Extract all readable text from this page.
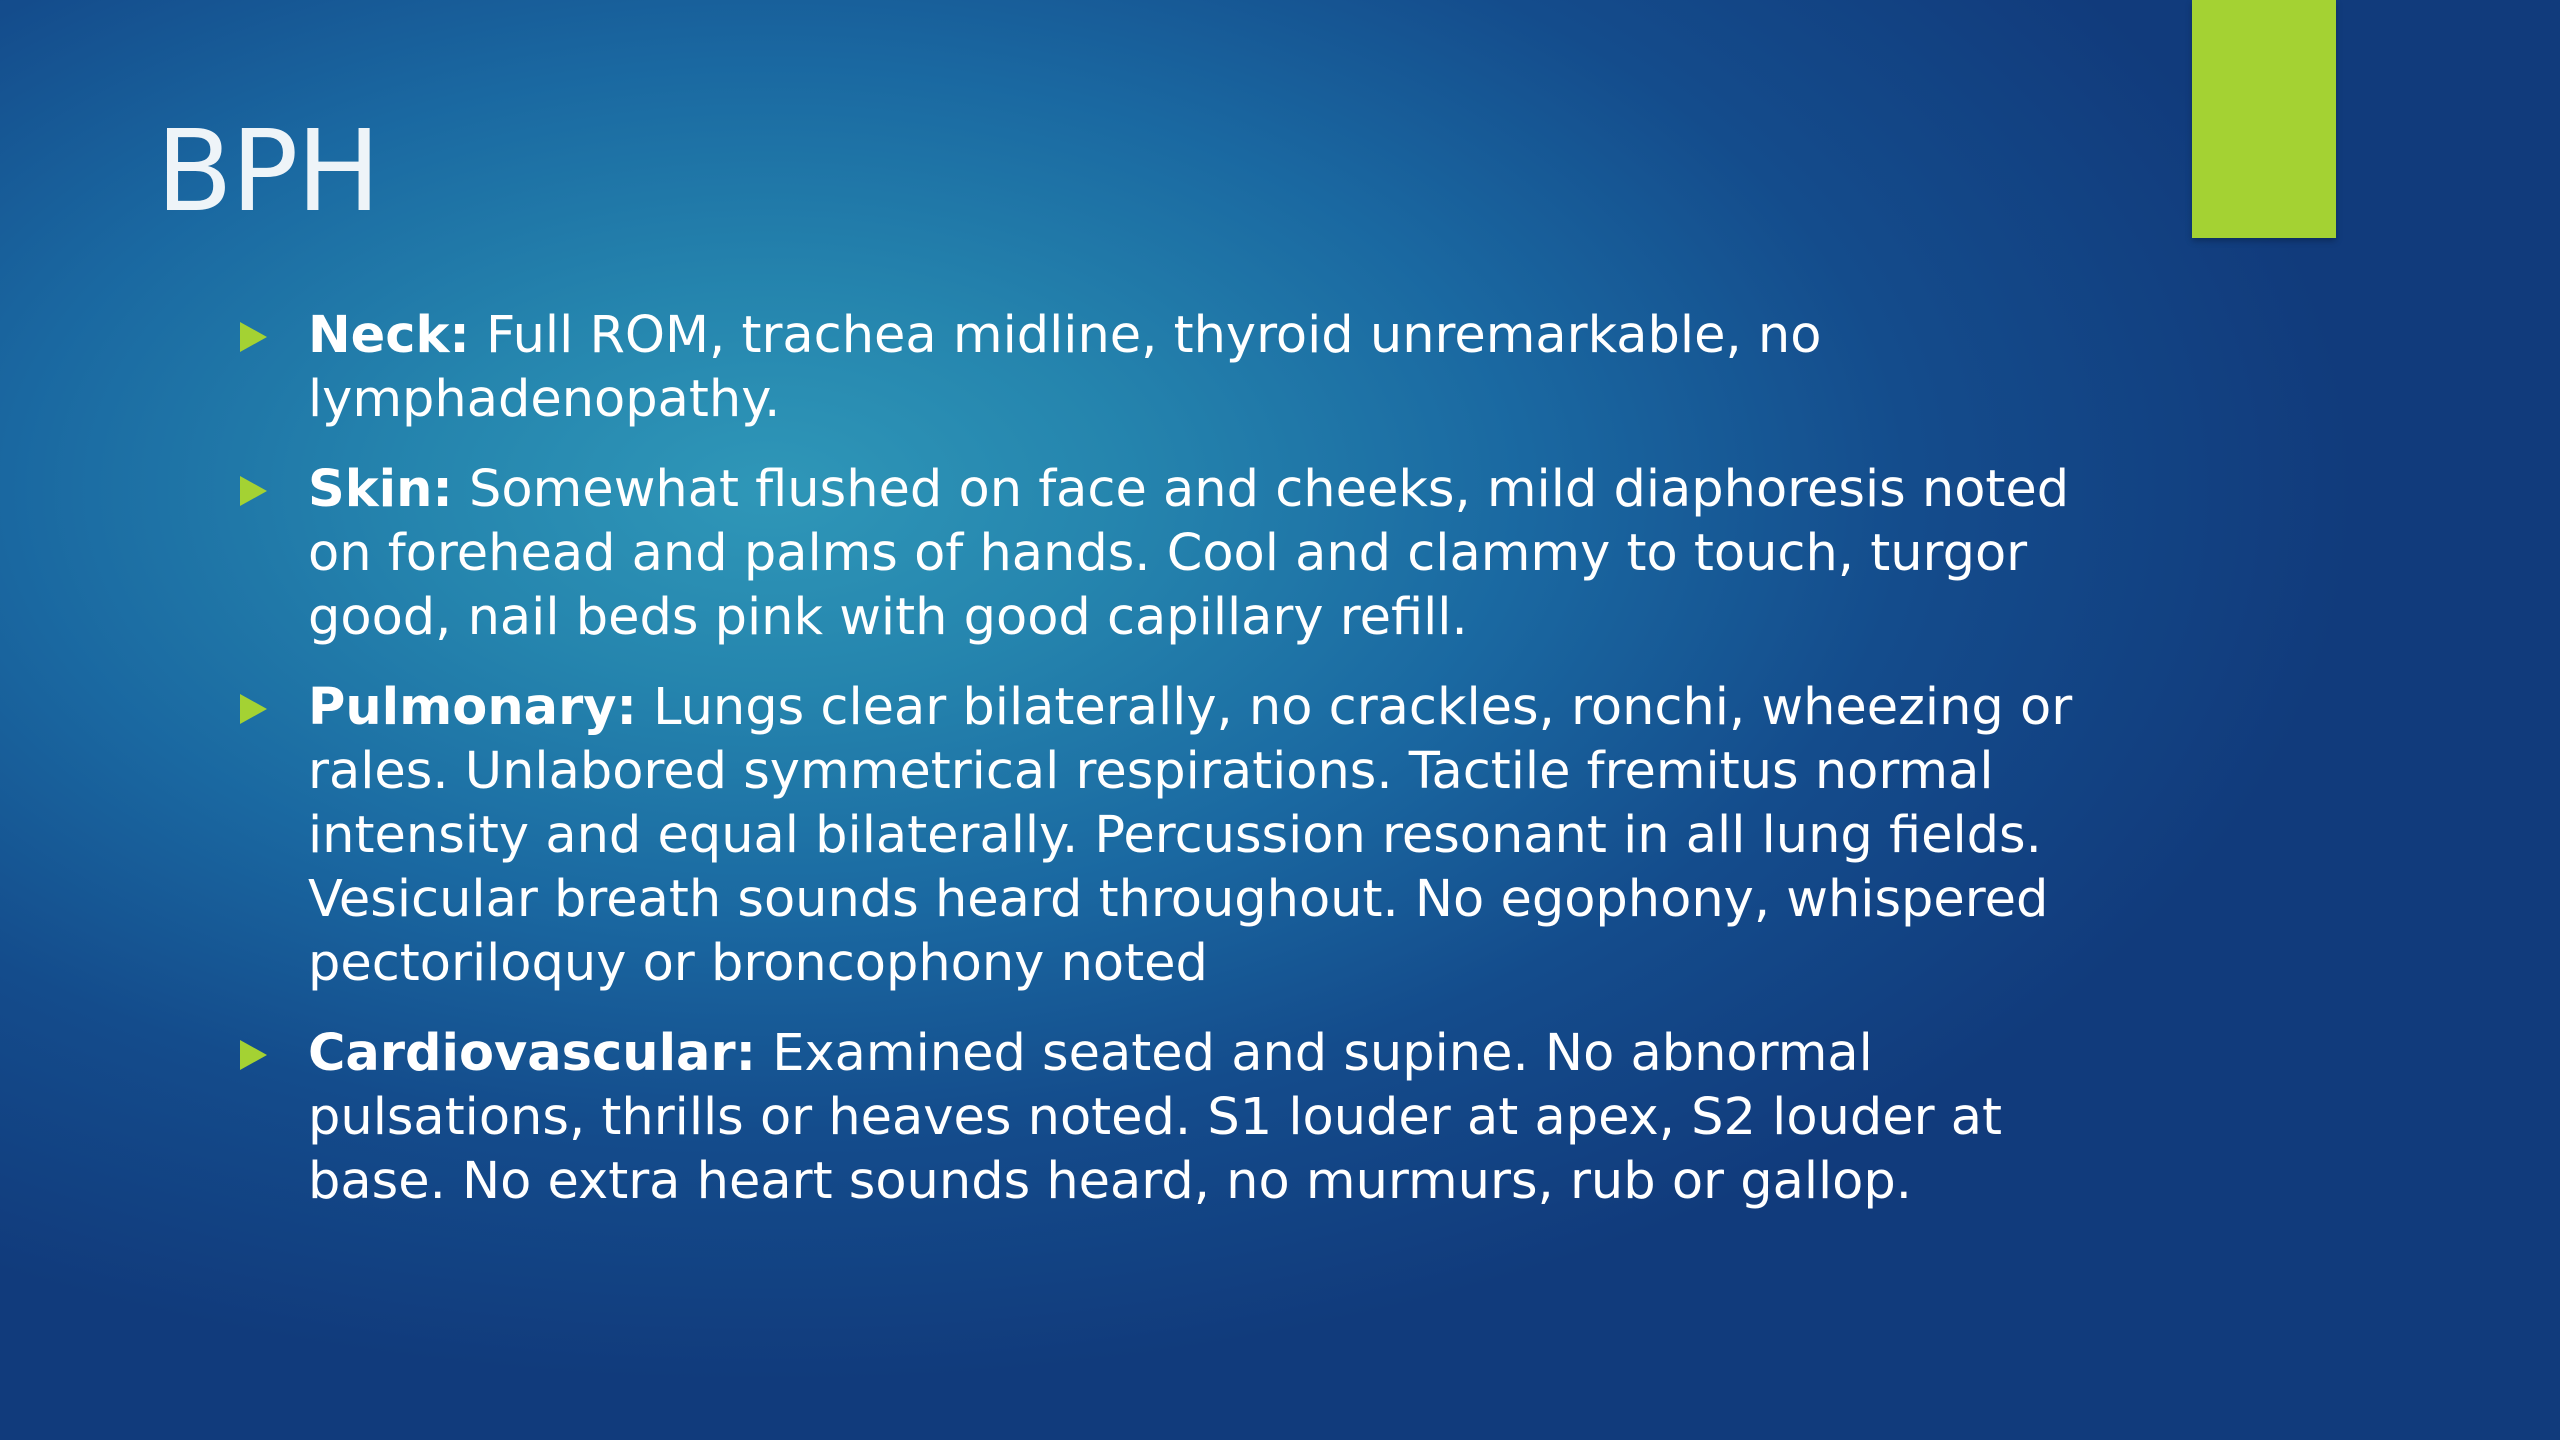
BPH
Neck: Full ROM, trachea midline, thyroid unremarkable, no lymphadenopathy.
Skin: Somewhat flushed on face and cheeks, mild diaphoresis noted on forehead and palms of hands. Cool and clammy to touch, turgor good, nail beds pink with good capillary refill.
Pulmonary: Lungs clear bilaterally, no crackles, ronchi, wheezing or rales. Unlabored symmetrical respirations. Tactile fremitus normal intensity and equal bilaterally. Percussion resonant in all lung fields. Vesicular breath sounds heard throughout. No egophony, whispered pectoriloquy or broncophony noted
Cardiovascular: Examined seated and supine. No abnormal pulsations, thrills or heaves noted. S1 louder at apex, S2 louder at base. No extra heart sounds heard, no murmurs, rub or gallop.
